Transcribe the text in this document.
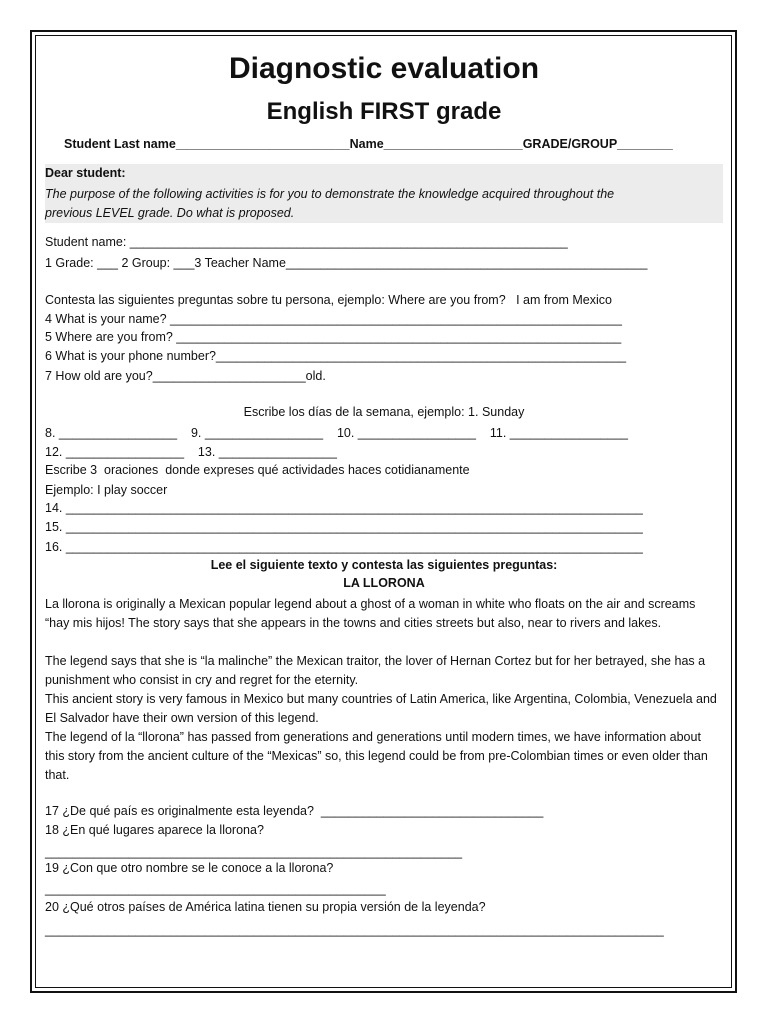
Diagnostic evaluation
English FIRST grade
Student Last name_________________________Name____________________GRADE/GROUP________
Dear student:
The purpose of the following activities is for you to demonstrate the knowledge acquired throughout the
previous LEVEL grade. Do what is proposed.
Student name: _______________________________________________________________
1 Grade: ___ 2 Group: ___3 Teacher Name____________________________________________________
Contesta las siguientes preguntas sobre tu persona, ejemplo: Where are you from?   I am from Mexico
4 What is your name? _________________________________________________________________
5 Where are you from? ________________________________________________________________
6 What is your phone number?___________________________________________________________
7 How old are you?______________________old.
Escribe los días de la semana, ejemplo: 1. Sunday
8. _________________    9. _________________    10. _________________    11. _________________
12. _________________    13. _________________
Escribe 3  oraciones  donde expreses qué actividades haces cotidianamente
Ejemplo: I play soccer
14. ___________________________________________________________________________________
15. ___________________________________________________________________________________
16. ___________________________________________________________________________________
Lee el siguiente texto y contesta las siguientes preguntas:
LA LLORONA
La llorona is originally a Mexican popular legend about a ghost of a woman in white who floats on the air and screams “hay mis hijos! The story says that she appears in the towns and cities streets but also, near to rivers and lakes.
The legend says that she is “la malinche” the Mexican traitor, the lover of Hernan Cortez but for her betrayed, she has a punishment who consist in cry and regret for the eternity.
This ancient story is very famous in Mexico but many countries of Latin America, like Argentina, Colombia, Venezuela and El Salvador have their own version of this legend.
The legend of la “llorona” has passed from generations and generations until modern times, we have information about this story from the ancient culture of the “Mexicas” so, this legend could be from pre-Colombian times or even older than that.
17 ¿De qué país es originalmente esta leyenda?  ________________________________
18 ¿En qué lugares aparece la llorona?
____________________________________________________________
19 ¿Con que otro nombre se le conoce a la llorona?
_________________________________________________
20 ¿Qué otros países de América latina tienen su propia versión de la leyenda?
_________________________________________________________________________________________
